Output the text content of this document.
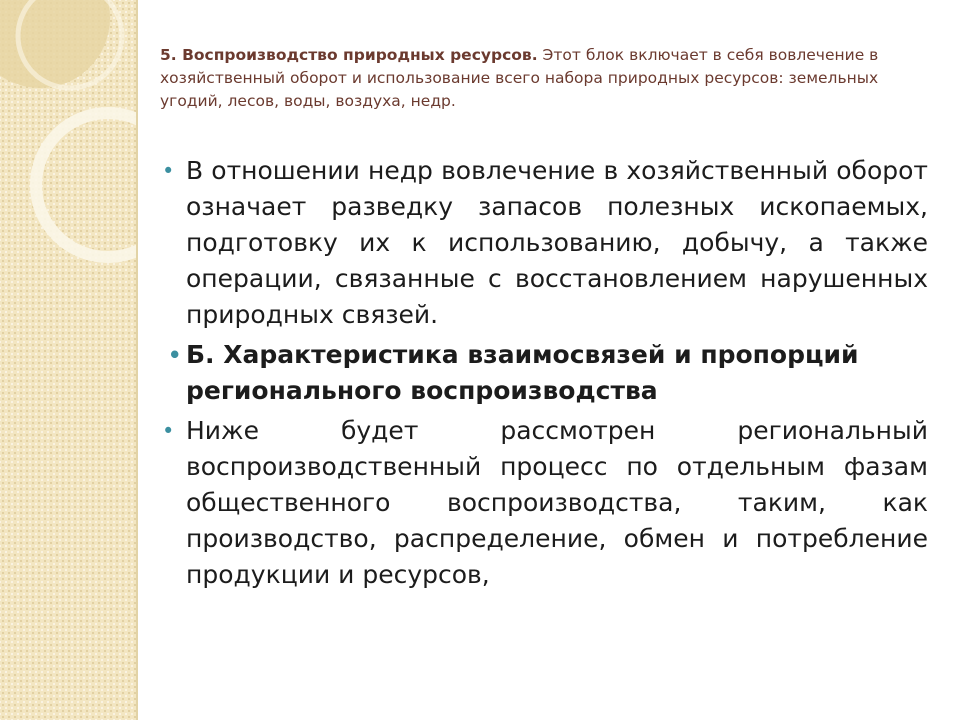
5. Воспроизводство природных ресурсов. Этот блок включает в себя вовлечение в хозяйственный оборот и использование всего набора природных ресурсов: земельных угодий, лесов, воды, воздуха, недр.

• В отношении недр вовлечение в хозяйственный оборот означает разведку запасов полезных ископаемых, подготовку их к использованию, добычу, а также операции, связанные с восстановлением нарушенных природных связей.
• Б. Характеристика взаимосвязей и пропорций регионального воспроизводства
• Ниже будет рассмотрен региональный воспроизводственный процесс по отдельным фазам общественного воспроизводства, таким, как производство, распределение, обмен и потребление продукции и ресурсов,
